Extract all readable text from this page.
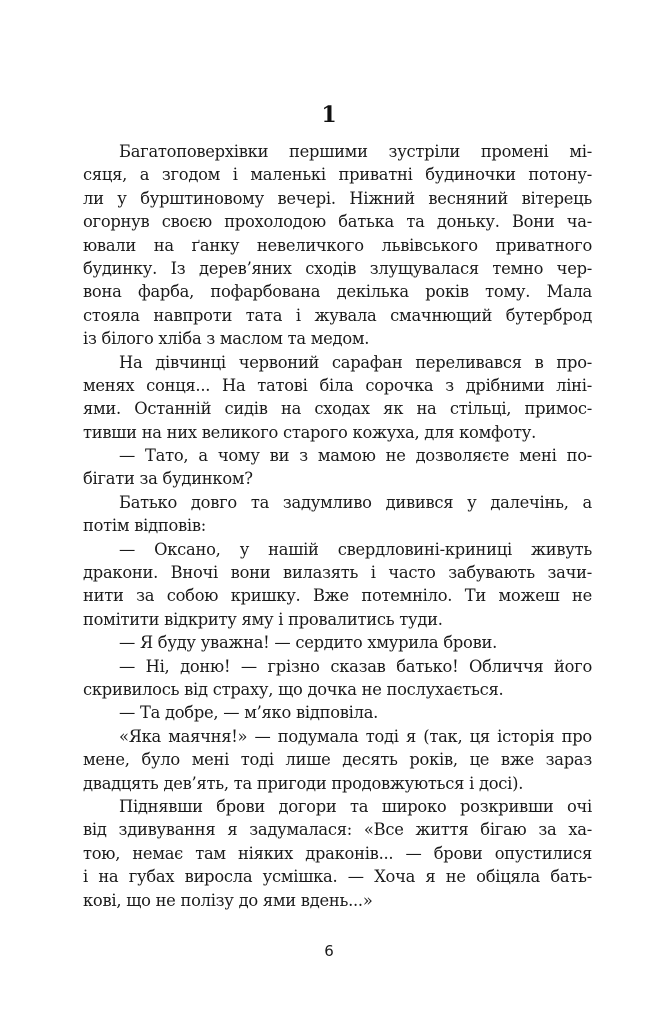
1
Багатоповерхівки першими зустріли промені мі-
сяця, а згодом і маленькі приватні будиночки потону-
ли у бурштиновому вечері. Ніжний весняний вітерець
огорнув своєю прохолодою батька та доньку. Вони ча-
ювали на ґанку невеличкого львівського приватного
будинку. Із дерев’яних сходів злущувалася темно чер-
вона фарба, пофарбована декілька років тому. Мала
стояла навпроти тата і жувала смачнющий бутерброд
із білого хліба з маслом та медом.
На дівчинці червоний сарафан переливався в про-
менях сонця... На татові біла сорочка з дрібними ліні-
ями. Останній сидів на сходах як на стільці, примос-
тивши на них великого старого кожуха, для комфоту.
— Тато, а чому ви з мамою не дозволяєте мені по-
бігати за будинком?
Батько довго та задумливо дивився у далечінь, а
потім відповів:
— Оксано, у нашій свердловині-криниці живуть
дракони. Вночі вони вилазять і часто забувають зачи-
нити за собою кришку. Вже потемніло. Ти можеш не
помітити відкриту яму і провалитись туди.
— Я буду уважна! — сердито хмурила брови.
— Ні, доню! — грізно сказав батько! Обличчя його
скривилось від страху, що дочка не послухається.
— Та добре, — м’яко відповіла.
«Яка маячня!» — подумала тоді я (так, ця історія про
мене, було мені тоді лише десять років, це вже зараз
двадцять дев’ять, та пригоди продовжуються і досі).
Піднявши брови догори та широко розкривши очі
від здивування я задумалася: «Все життя бігаю за ха-
тою, немає там ніяких драконів... — брови опустилися
і на губах виросла усмішка. — Хоча я не обіцяла бать-
кові, що не полізу до ями вдень...»
6
